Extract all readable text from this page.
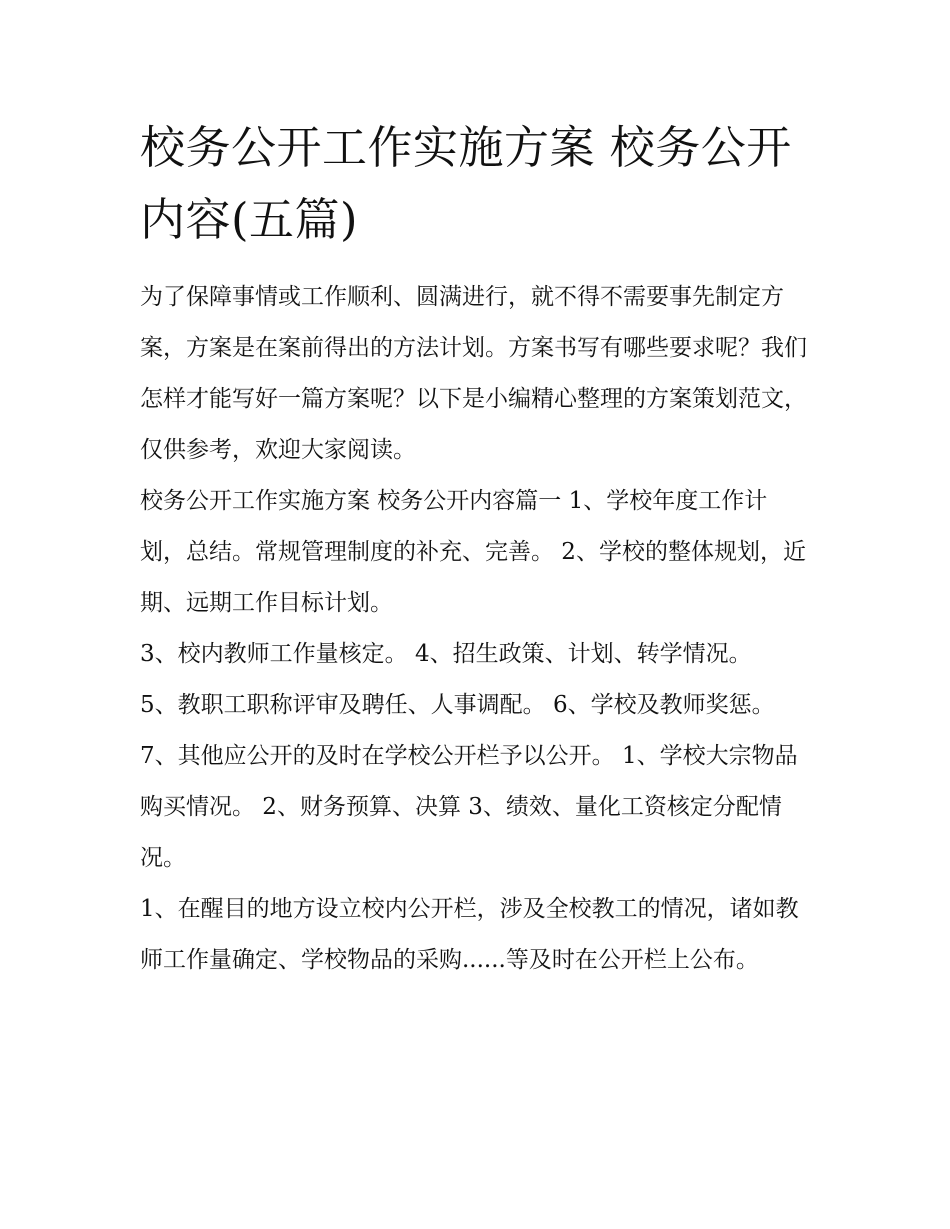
校务公开工作实施方案 校务公开内容(五篇)

为了保障事情或工作顺利、圆满进行，就不得不需要事先制定方案，方案是在案前得出的方法计划。方案书写有哪些要求呢？我们怎样才能写好一篇方案呢？以下是小编精心整理的方案策划范文，仅供参考，欢迎大家阅读。

校务公开工作实施方案 校务公开内容篇一 1、学校年度工作计划，总结。常规管理制度的补充、完善。 2、学校的整体规划，近期、远期工作目标计划。

3、校内教师工作量核定。 4、招生政策、计划、转学情况。

5、教职工职称评审及聘任、人事调配。 6、学校及教师奖惩。

7、其他应公开的及时在学校公开栏予以公开。 1、学校大宗物品购买情况。 2、财务预算、决算 3、绩效、量化工资核定分配情况。

1、在醒目的地方设立校内公开栏，涉及全校教工的情况，诸如教师工作量确定、学校物品的采购......等及时在公开栏上公布。
